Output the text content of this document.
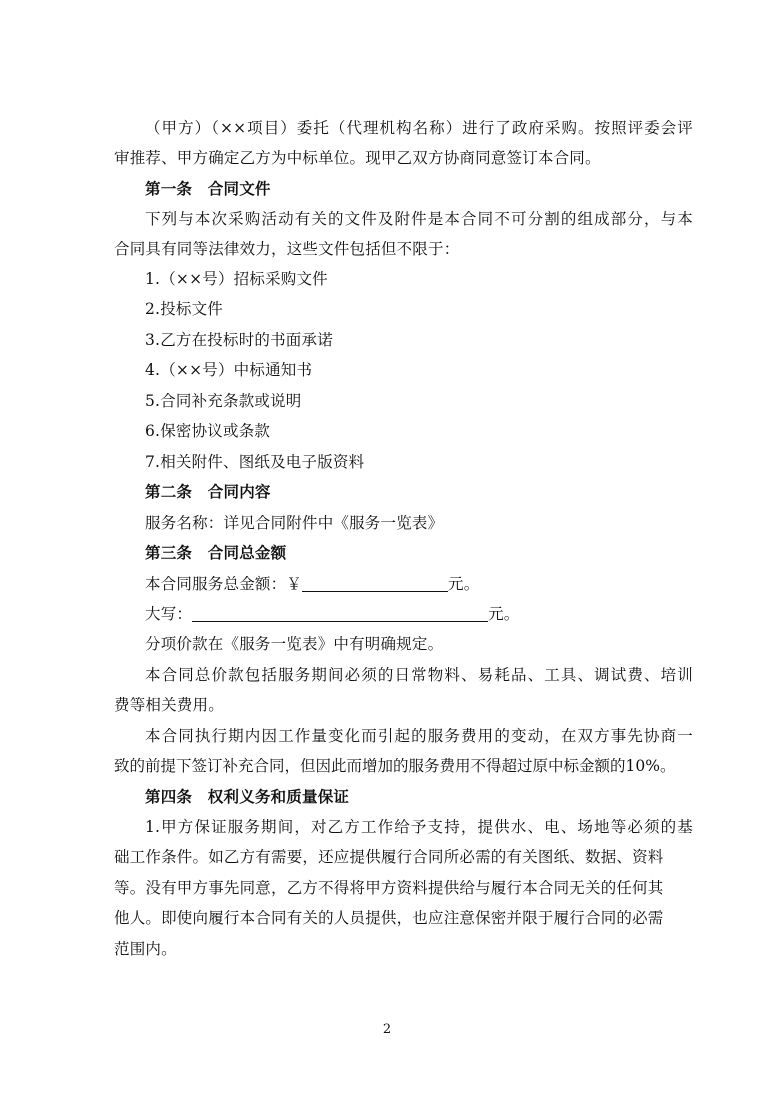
（甲方）（××项目）委托（代理机构名称）进行了政府采购。按照评委会评
审推荐、甲方确定乙方为中标单位。现甲乙双方协商同意签订本合同。
第一条　合同文件
下列与本次采购活动有关的文件及附件是本合同不可分割的组成部分，与本
合同具有同等法律效力，这些文件包括但不限于：
1.（××号）招标采购文件
2.投标文件
3.乙方在投标时的书面承诺
4.（××号）中标通知书
5.合同补充条款或说明
6.保密协议或条款
7.相关附件、图纸及电子版资料
第二条　合同内容
服务名称：详见合同附件中《服务一览表》
第三条　合同总金额
本合同服务总金额：￥	元。
大写：	元。
分项价款在《服务一览表》中有明确规定。
本合同总价款包括服务期间必须的日常物料、易耗品、工具、调试费、培训
费等相关费用。
本合同执行期内因工作量变化而引起的服务费用的变动，在双方事先协商一
致的前提下签订补充合同，但因此而增加的服务费用不得超过原中标金额的10%。
第四条　权利义务和质量保证
1.甲方保证服务期间，对乙方工作给予支持，提供水、电、场地等必须的基
础工作条件。如乙方有需要，还应提供履行合同所必需的有关图纸、数据、资料
等。没有甲方事先同意，乙方不得将甲方资料提供给与履行本合同无关的任何其
他人。即使向履行本合同有关的人员提供，也应注意保密并限于履行合同的必需
范围内。
2
